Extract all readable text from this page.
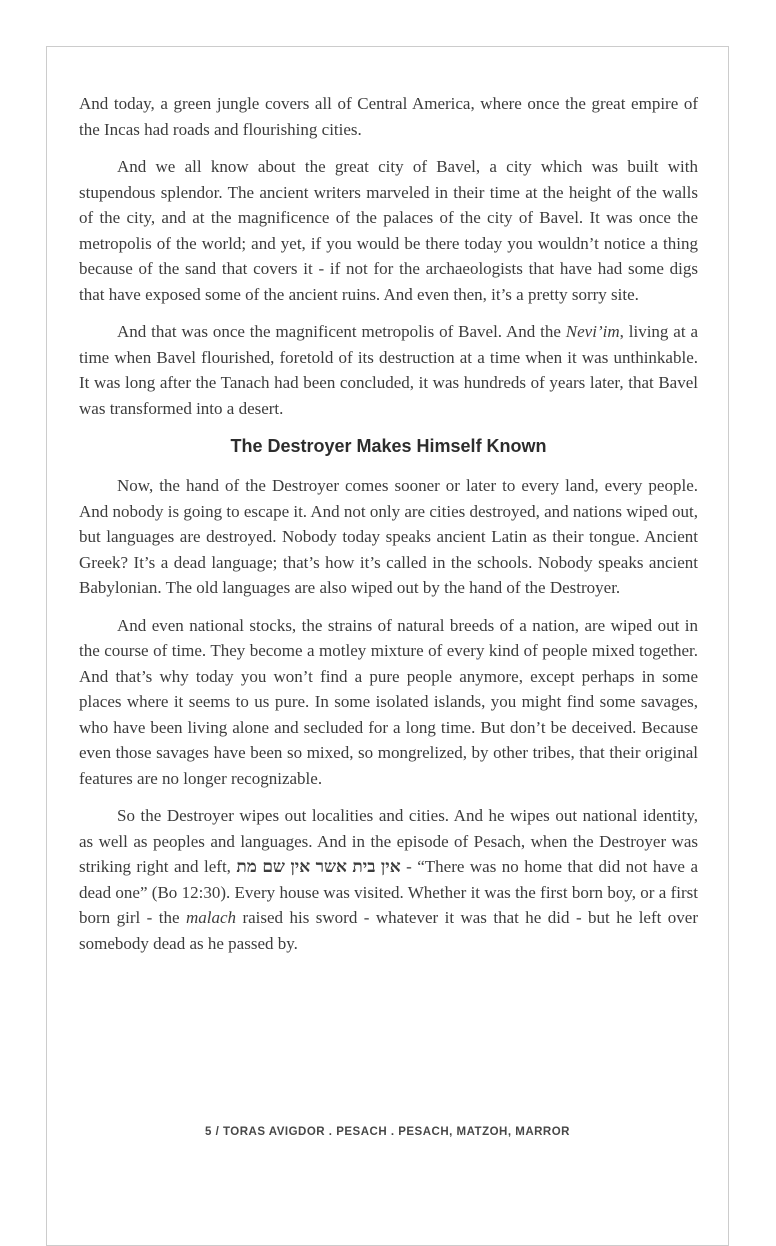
And today, a green jungle covers all of Central America, where once the great empire of the Incas had roads and flourishing cities.

And we all know about the great city of Bavel, a city which was built with stupendous splendor. The ancient writers marveled in their time at the height of the walls of the city, and at the magnificence of the palaces of the city of Bavel. It was once the metropolis of the world; and yet, if you would be there today you wouldn’t notice a thing because of the sand that covers it - if not for the archaeologists that have had some digs that have exposed some of the ancient ruins. And even then, it’s a pretty sorry site.

And that was once the magnificent metropolis of Bavel. And the Nevi’im, living at a time when Bavel flourished, foretold of its destruction at a time when it was unthinkable. It was long after the Tanach had been concluded, it was hundreds of years later, that Bavel was transformed into a desert.

The Destroyer Makes Himself Known

Now, the hand of the Destroyer comes sooner or later to every land, every people. And nobody is going to escape it. And not only are cities destroyed, and nations wiped out, but languages are destroyed. Nobody today speaks ancient Latin as their tongue. Ancient Greek? It’s a dead language; that’s how it’s called in the schools. Nobody speaks ancient Babylonian. The old languages are also wiped out by the hand of the Destroyer.

And even national stocks, the strains of natural breeds of a nation, are wiped out in the course of time. They become a motley mixture of every kind of people mixed together. And that’s why today you won’t find a pure people anymore, except perhaps in some places where it seems to us pure. In some isolated islands, you might find some savages, who have been living alone and secluded for a long time. But don’t be deceived. Because even those savages have been so mixed, so mongrelized, by other tribes, that their original features are no longer recognizable.

So the Destroyer wipes out localities and cities. And he wipes out national identity, as well as peoples and languages. And in the episode of Pesach, when the Destroyer was striking right and left, אין בית אשר אין שם מת - “There was no home that did not have a dead one” (Bo 12:30). Every house was visited. Whether it was the first born boy, or a first born girl - the malach raised his sword - whatever it was that he did - but he left over somebody dead as he passed by.

5 / TORAS AVIGDOR . PESACH . PESACH, MATZOH, MARROR
